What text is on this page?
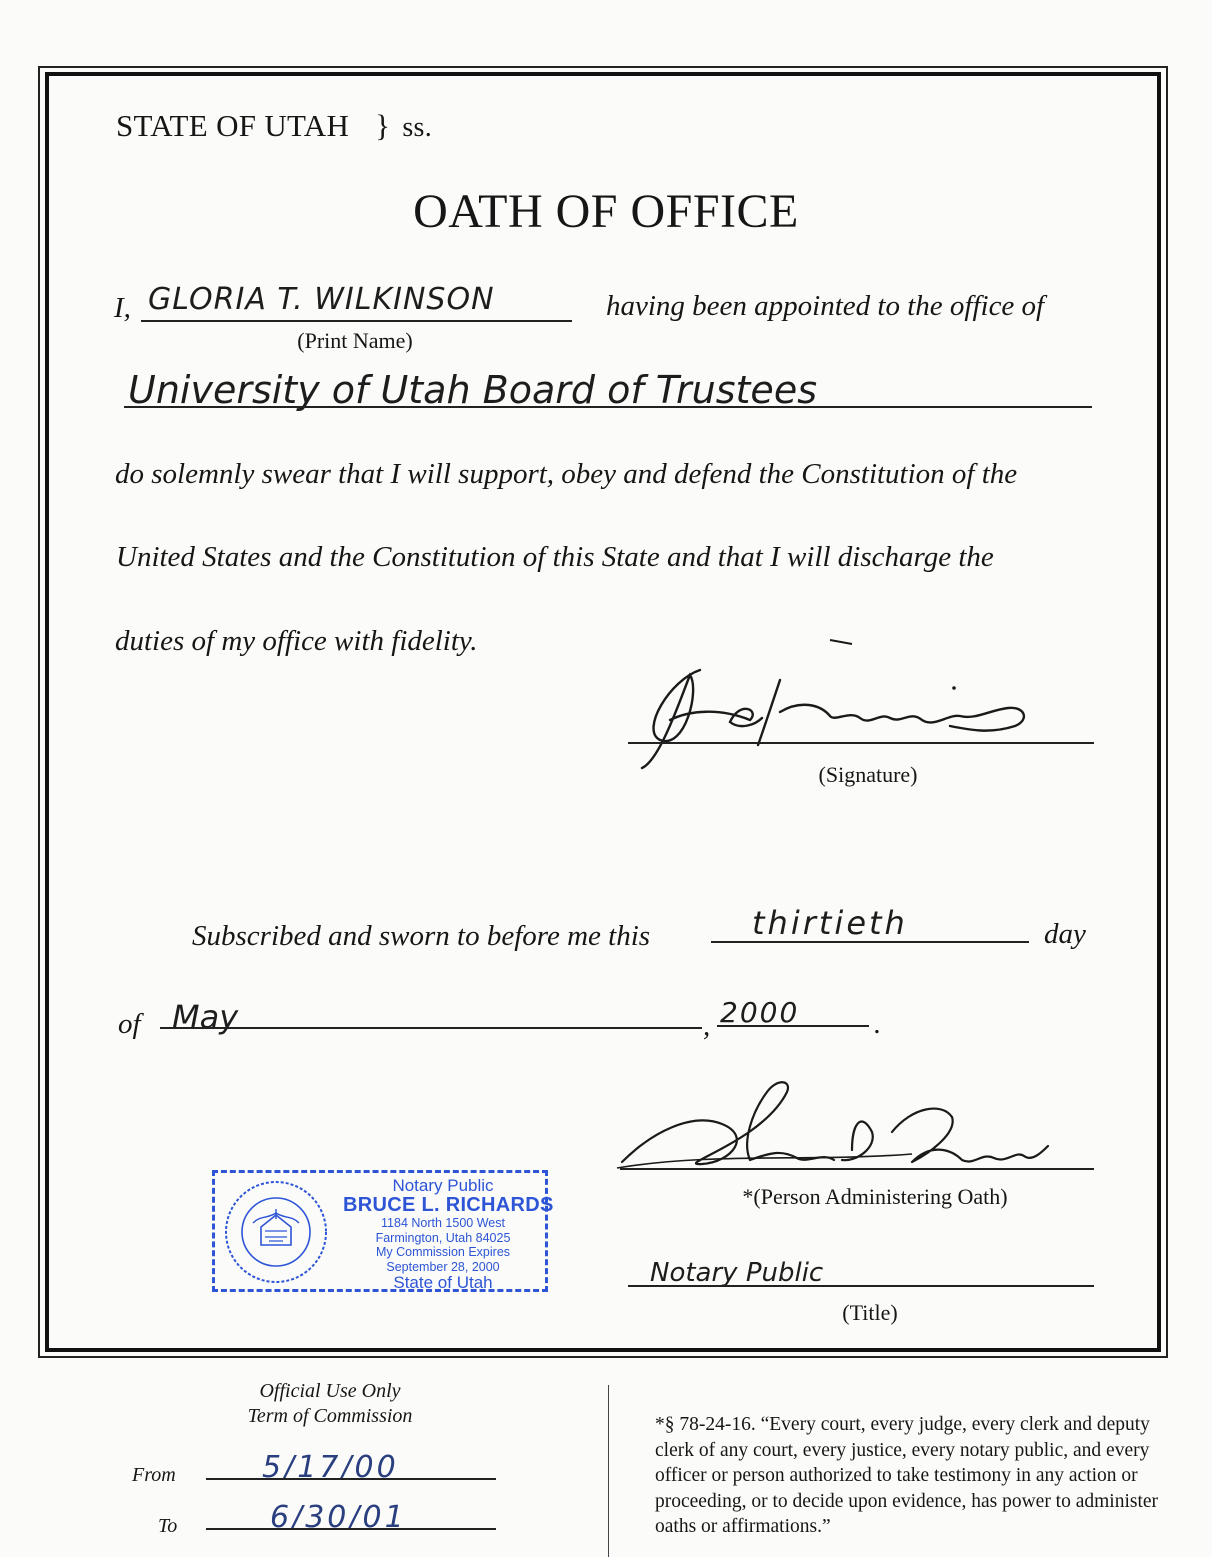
STATE OF UTAH } ss.
OATH OF OFFICE
I, GLORIA T. WILKINSON
(Print Name)
having been appointed to the office of
University of Utah Board of Trustees
do solemnly swear that I will support, obey and defend the Constitution of the
United States and the Constitution of this State and that I will discharge the
duties of my office with fidelity.
(Signature)
Subscribed and sworn to before me this	thirtieth	day
of May	, 2000	.
*(Person Administering Oath)
Notary Public
(Title)
Notary Public
BRUCE L. RICHARDS
1184 North 1500 West
Farmington, Utah 84025
My Commission Expires
September 28, 2000
State of Utah
Official Use Only
Term of Commission
From	5/17/00
To	6/30/01
*§ 78-24-16. “Every court, every judge, every clerk and deputy clerk of any court, every justice, every notary public, and every officer or person authorized to take testimony in any action or proceeding, or to decide upon evidence, has power to administer oaths or affirmations.”
